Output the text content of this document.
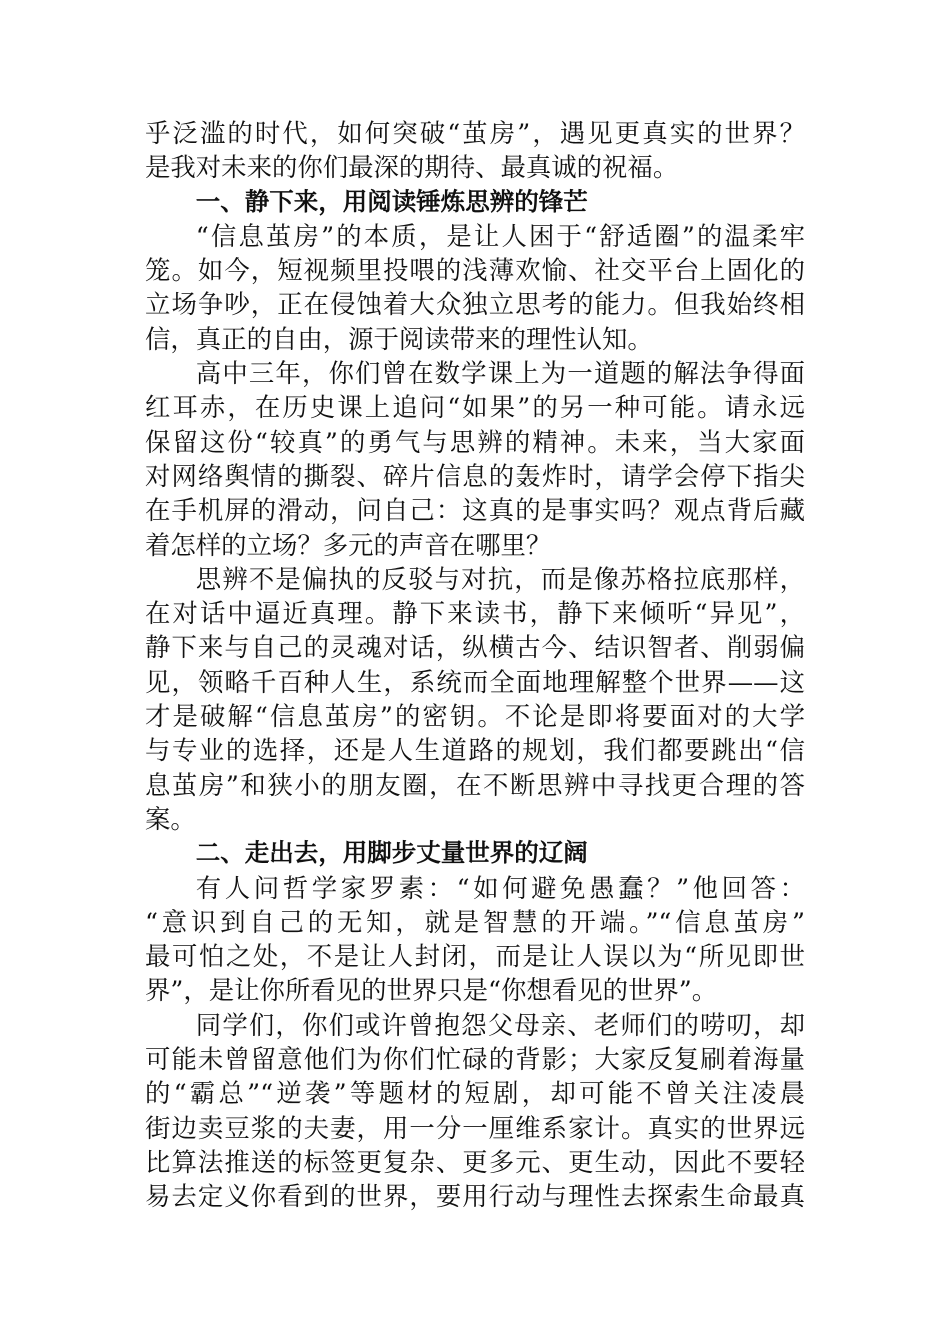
乎泛滥的时代，如何突破“茧房”，遇见更真实的世界？
是我对未来的你们最深的期待、最真诚的祝福。
一、静下来，用阅读锤炼思辨的锋芒
“信息茧房”的本质，是让人困于“舒适圈”的温柔牢
笼。如今，短视频里投喂的浅薄欢愉、社交平台上固化的
立场争吵，正在侵蚀着大众独立思考的能力。但我始终相
信，真正的自由，源于阅读带来的理性认知。
高中三年，你们曾在数学课上为一道题的解法争得面
红耳赤，在历史课上追问“如果”的另一种可能。请永远
保留这份“较真”的勇气与思辨的精神。未来，当大家面
对网络舆情的撕裂、碎片信息的轰炸时，请学会停下指尖
在手机屏的滑动，问自己：这真的是事实吗？观点背后藏
着怎样的立场？多元的声音在哪里？
思辨不是偏执的反驳与对抗，而是像苏格拉底那样，
在对话中逼近真理。静下来读书，静下来倾听“异见”，
静下来与自己的灵魂对话，纵横古今、结识智者、削弱偏
见，领略千百种人生，系统而全面地理解整个世界——这
才是破解“信息茧房”的密钥。不论是即将要面对的大学
与专业的选择，还是人生道路的规划，我们都要跳出“信
息茧房”和狭小的朋友圈，在不断思辨中寻找更合理的答
案。
二、走出去，用脚步丈量世界的辽阔
有人问哲学家罗素：“如何避免愚蠢？”他回答：
“意识到自己的无知，就是智慧的开端。”“信息茧房”
最可怕之处，不是让人封闭，而是让人误以为“所见即世
界”，是让你所看见的世界只是“你想看见的世界”。
同学们，你们或许曾抱怨父母亲、老师们的唠叨，却
可能未曾留意他们为你们忙碌的背影；大家反复刷着海量
的“霸总”“逆袭”等题材的短剧，却可能不曾关注凌晨
街边卖豆浆的夫妻，用一分一厘维系家计。真实的世界远
比算法推送的标签更复杂、更多元、更生动，因此不要轻
易去定义你看到的世界，要用行动与理性去探索生命最真
